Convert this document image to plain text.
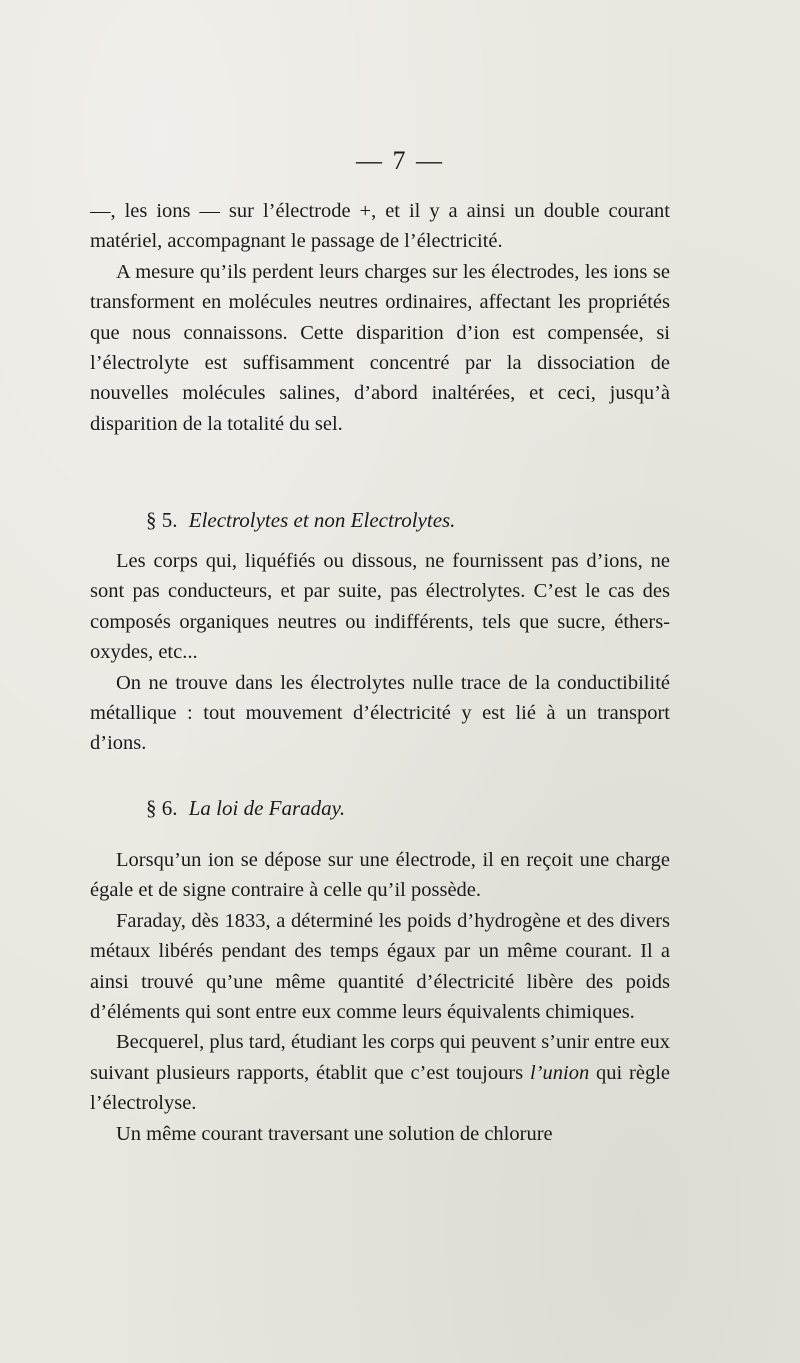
— 7 —

—, les ions — sur l’électrode +, et il y a ainsi un double courant matériel, accompagnant le passage de l’électricité.

A mesure qu’ils perdent leurs charges sur les électrodes, les ions se transforment en molécules neutres ordinaires, affectant les propriétés que nous connaissons. Cette disparition d’ion est compensée, si l’électrolyte est suffisamment concentré par la dissociation de nouvelles molécules salines, d’abord inaltérées, et ceci, jusqu’à disparition de la totalité du sel.

§ 5. Electrolytes et non Electrolytes.

Les corps qui, liquéfiés ou dissous, ne fournissent pas d’ions, ne sont pas conducteurs, et par suite, pas électrolytes. C’est le cas des composés organiques neutres ou indifférents, tels que sucre, éthers-oxydes, etc...

On ne trouve dans les électrolytes nulle trace de la conductibilité métallique : tout mouvement d’électricité y est lié à un transport d’ions.

§ 6. La loi de Faraday.

Lorsqu’un ion se dépose sur une électrode, il en reçoit une charge égale et de signe contraire à celle qu’il possède.

Faraday, dès 1833, a déterminé les poids d’hydrogène et des divers métaux libérés pendant des temps égaux par un même courant. Il a ainsi trouvé qu’une même quantité d’électricité libère des poids d’éléments qui sont entre eux comme leurs équivalents chimiques.

Becquerel, plus tard, étudiant les corps qui peuvent s’unir entre eux suivant plusieurs rapports, établit que c’est toujours l’union qui règle l’électrolyse.

Un même courant traversant une solution de chlorure
